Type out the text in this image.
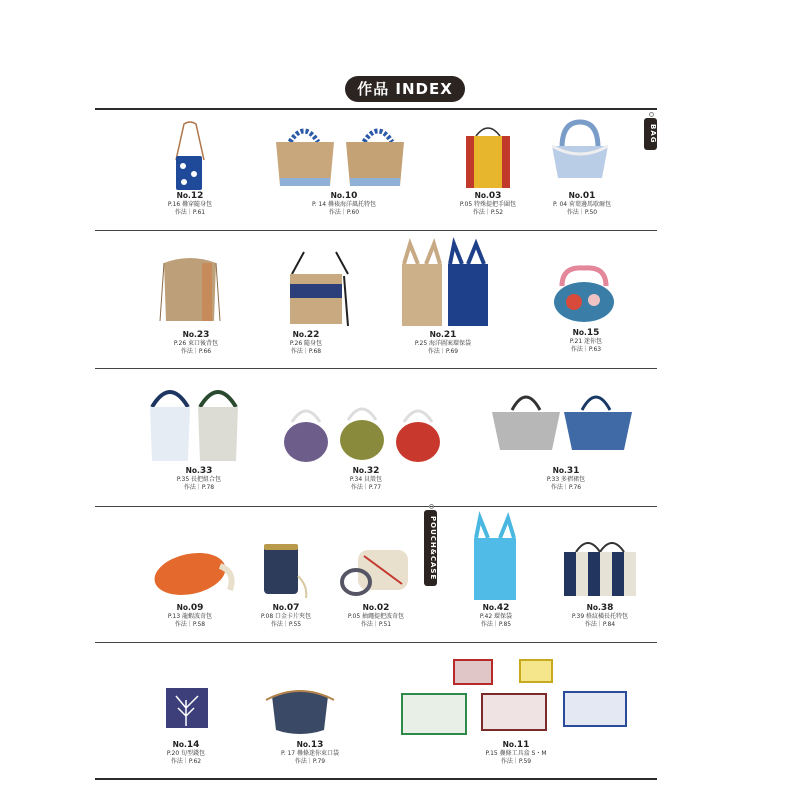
作品 INDEX
BAG
POUCH&CASE
No.12
P.16 疊穿隨身包
作法｜P.61
No.10
P. 14 疊裱海洋風托特包
作法｜P.60
No.03
P.05 特殊提把手圍包
作法｜P.52
No.01
P. 04 荷葉邊馬歇爾包
作法｜P.50
No.23
P.26 束口後背包
作法｜P.66
No.22
P.26 隨身包
作法｜P.68
No.21
P.25 海洋圖案環保袋
作法｜P.69
No.15
P.21 迷你包
作法｜P.63
No.33
P.35 長把組合包
作法｜P.78
No.32
P.34 貝殼包
作法｜P.77
No.31
P.33 多褶裙包
作法｜P.76
No.09
P.13 龍蝦波奇包
作法｜P.58
No.07
P.08 口金卡片夾包
作法｜P.55
No.02
P.05 抽繩提把波奇包
作法｜P.51
No.42
P.42 環保袋
作法｜P.85
No.38
P.39 格紋橫長托特包
作法｜P.84
No.14
P.20 旬型錢包
作法｜P.62
No.13
P. 17 疊條迷你束口袋
作法｜P.79
No.11
P.15 疊條工具盒 S・M
作法｜P.59
